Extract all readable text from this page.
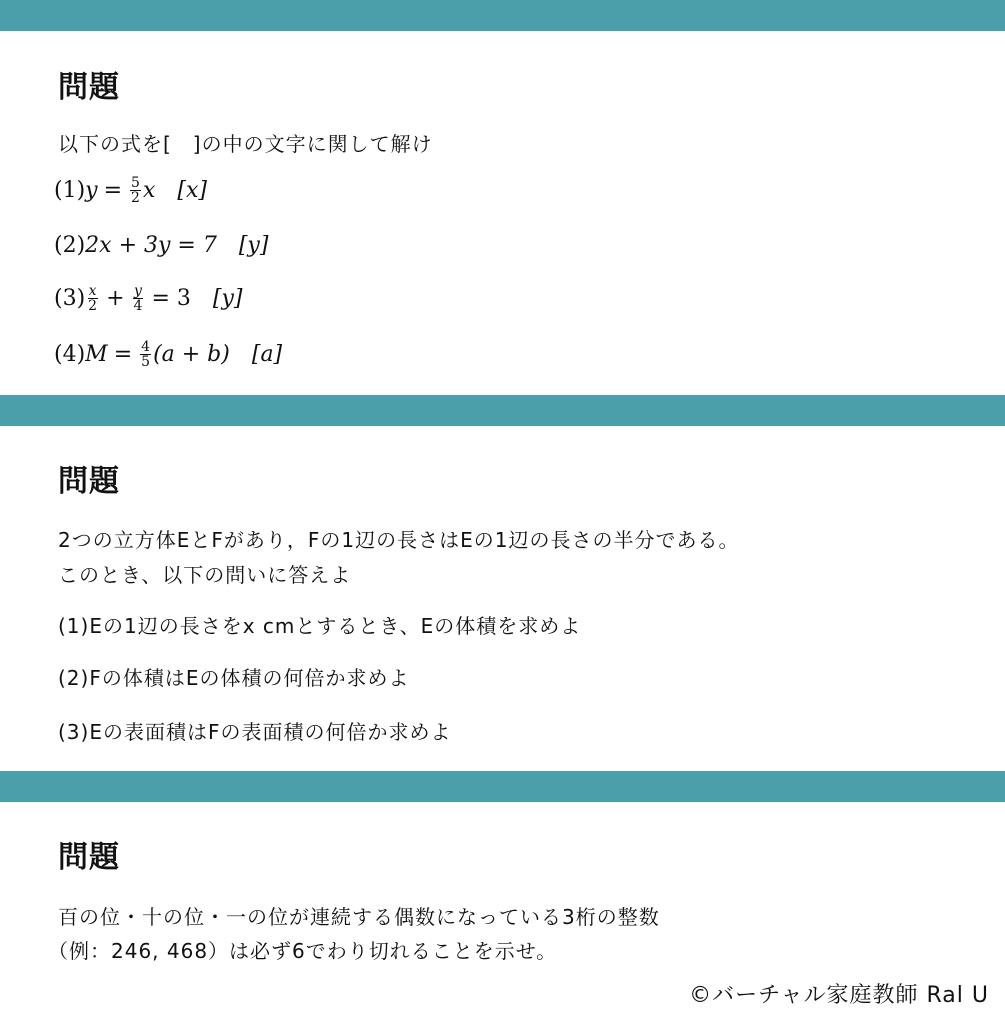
問題
以下の式を[　]の中の文字に関して解け
(1) $y = \frac{5}{2}$ x [x]
(2) 2x + 3y = 7 [y]
$(3) \frac{x}{2} + \frac{y}{4} = 3$ [y]
(4) $M = \frac{4}{5} (a + b)$ [a]
問題
2つの立方体EとFがあり，Fの1辺の長さはEの1辺の長さの半分である。
このとき、以下の問いに答えよ
(1)Eの1辺の長さをx cmとするとき、Eの体積を求めよ
(2)Fの体積はEの体積の何倍か求めよ
(3)Eの表面積はFの表面積の何倍か求めよ
問題
百の位・十の位・一の位が連続する偶数になっている3桁の整数
（例：246, 468）は必ず6でわり切れることを示せ。
©バーチャル家庭教師 Ral U
